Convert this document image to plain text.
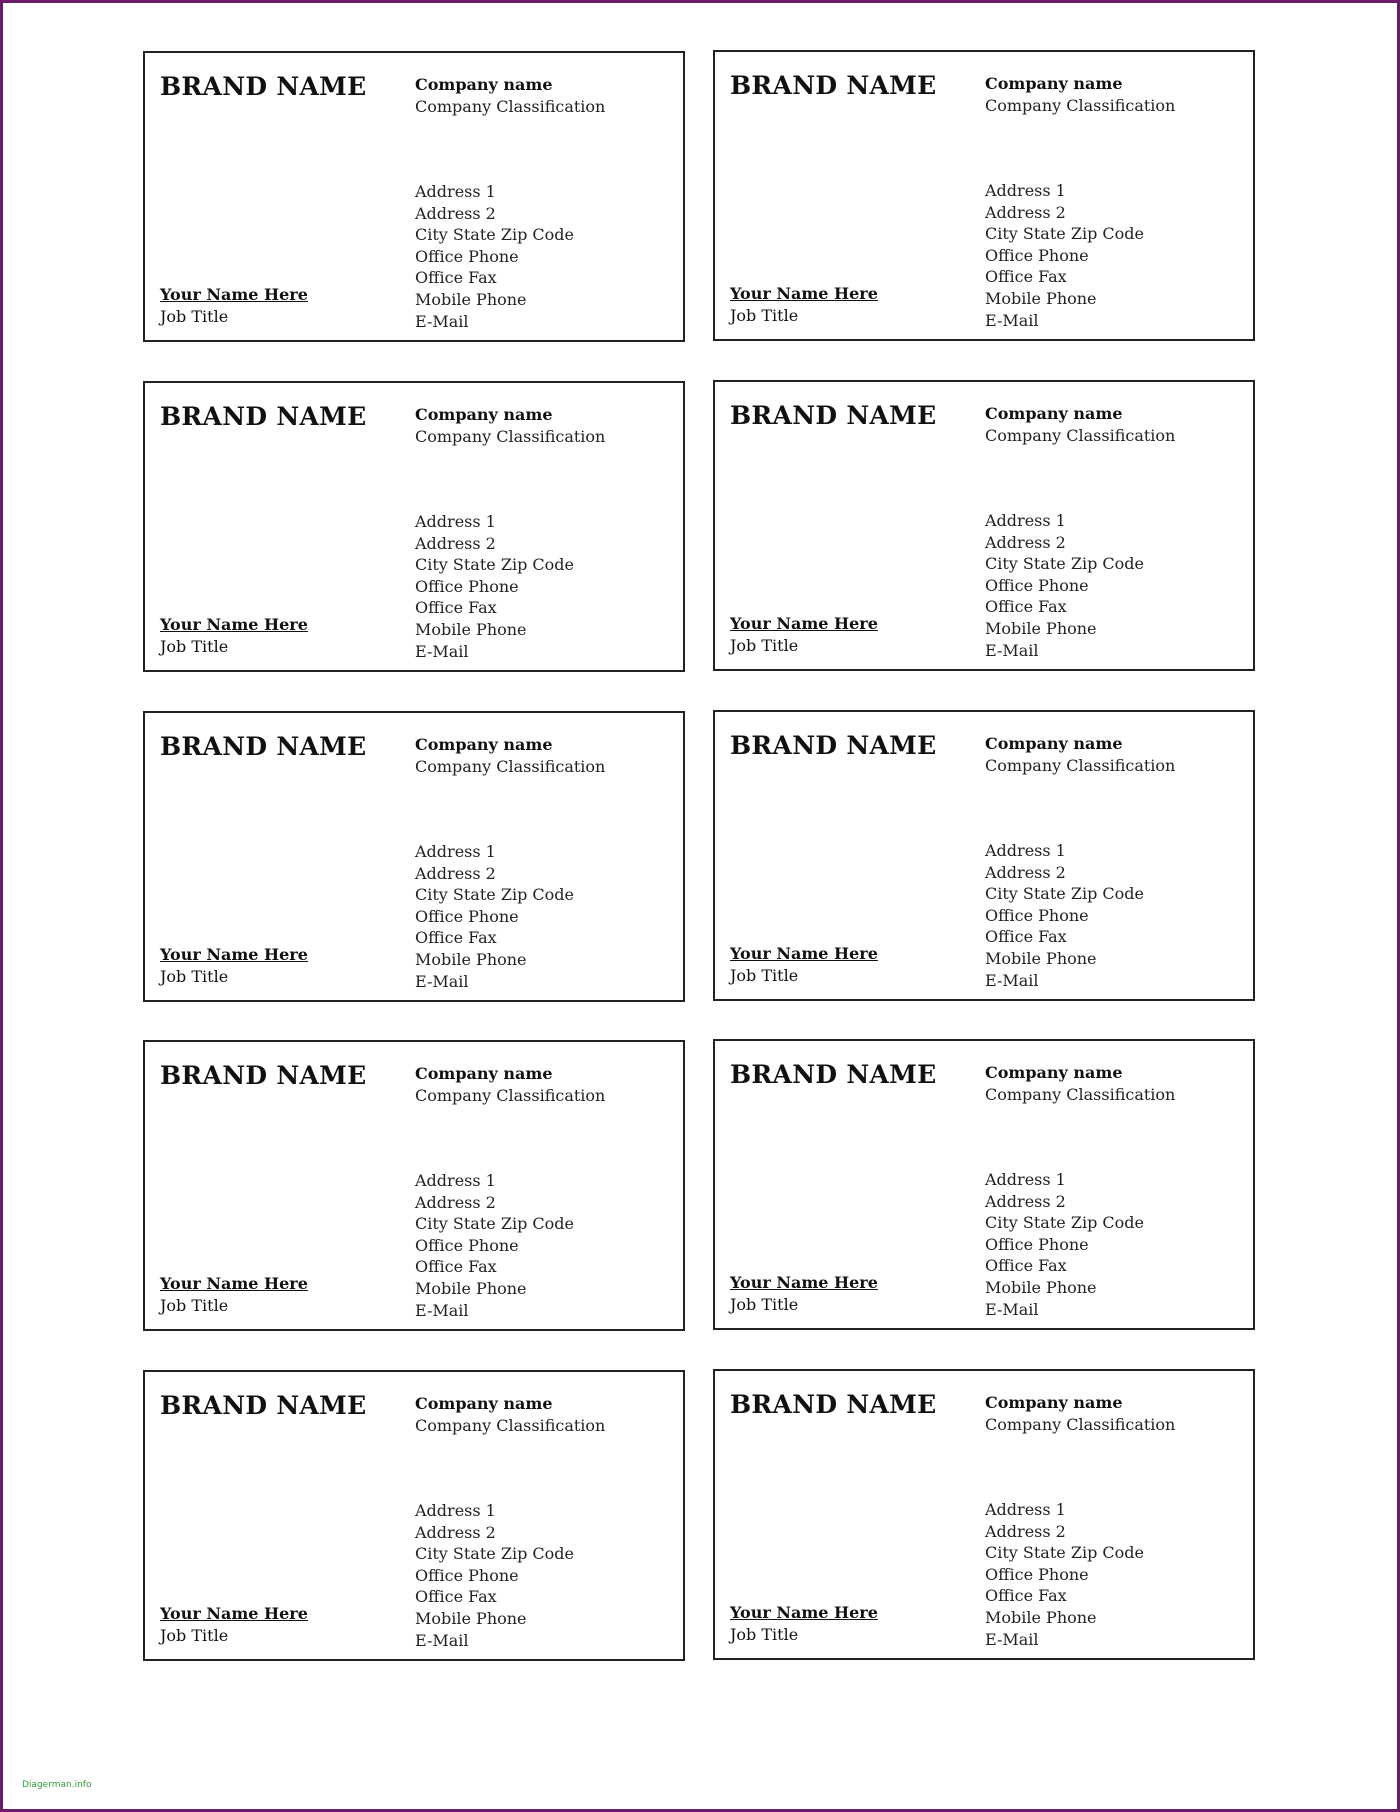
BRAND NAME	Company name
Company Classification
Address 1
Address 2
City State Zip Code
Office Phone
Office Fax
Mobile Phone
E-Mail
Your Name Here
Job Title
BRAND NAME	Company name
Company Classification
Address 1
Address 2
City State Zip Code
Office Phone
Office Fax
Mobile Phone
E-Mail
Your Name Here
Job Title
BRAND NAME	Company name
Company Classification
Address 1
Address 2
City State Zip Code
Office Phone
Office Fax
Mobile Phone
E-Mail
Your Name Here
Job Title
BRAND NAME	Company name
Company Classification
Address 1
Address 2
City State Zip Code
Office Phone
Office Fax
Mobile Phone
E-Mail
Your Name Here
Job Title
BRAND NAME	Company name
Company Classification
Address 1
Address 2
City State Zip Code
Office Phone
Office Fax
Mobile Phone
E-Mail
Your Name Here
Job Title
BRAND NAME	Company name
Company Classification
Address 1
Address 2
City State Zip Code
Office Phone
Office Fax
Mobile Phone
E-Mail
Your Name Here
Job Title
BRAND NAME	Company name
Company Classification
Address 1
Address 2
City State Zip Code
Office Phone
Office Fax
Mobile Phone
E-Mail
Your Name Here
Job Title
BRAND NAME	Company name
Company Classification
Address 1
Address 2
City State Zip Code
Office Phone
Office Fax
Mobile Phone
E-Mail
Your Name Here
Job Title
BRAND NAME	Company name
Company Classification
Address 1
Address 2
City State Zip Code
Office Phone
Office Fax
Mobile Phone
E-Mail
Your Name Here
Job Title
BRAND NAME	Company name
Company Classification
Address 1
Address 2
City State Zip Code
Office Phone
Office Fax
Mobile Phone
E-Mail
Your Name Here
Job Title
Diagerman.info
